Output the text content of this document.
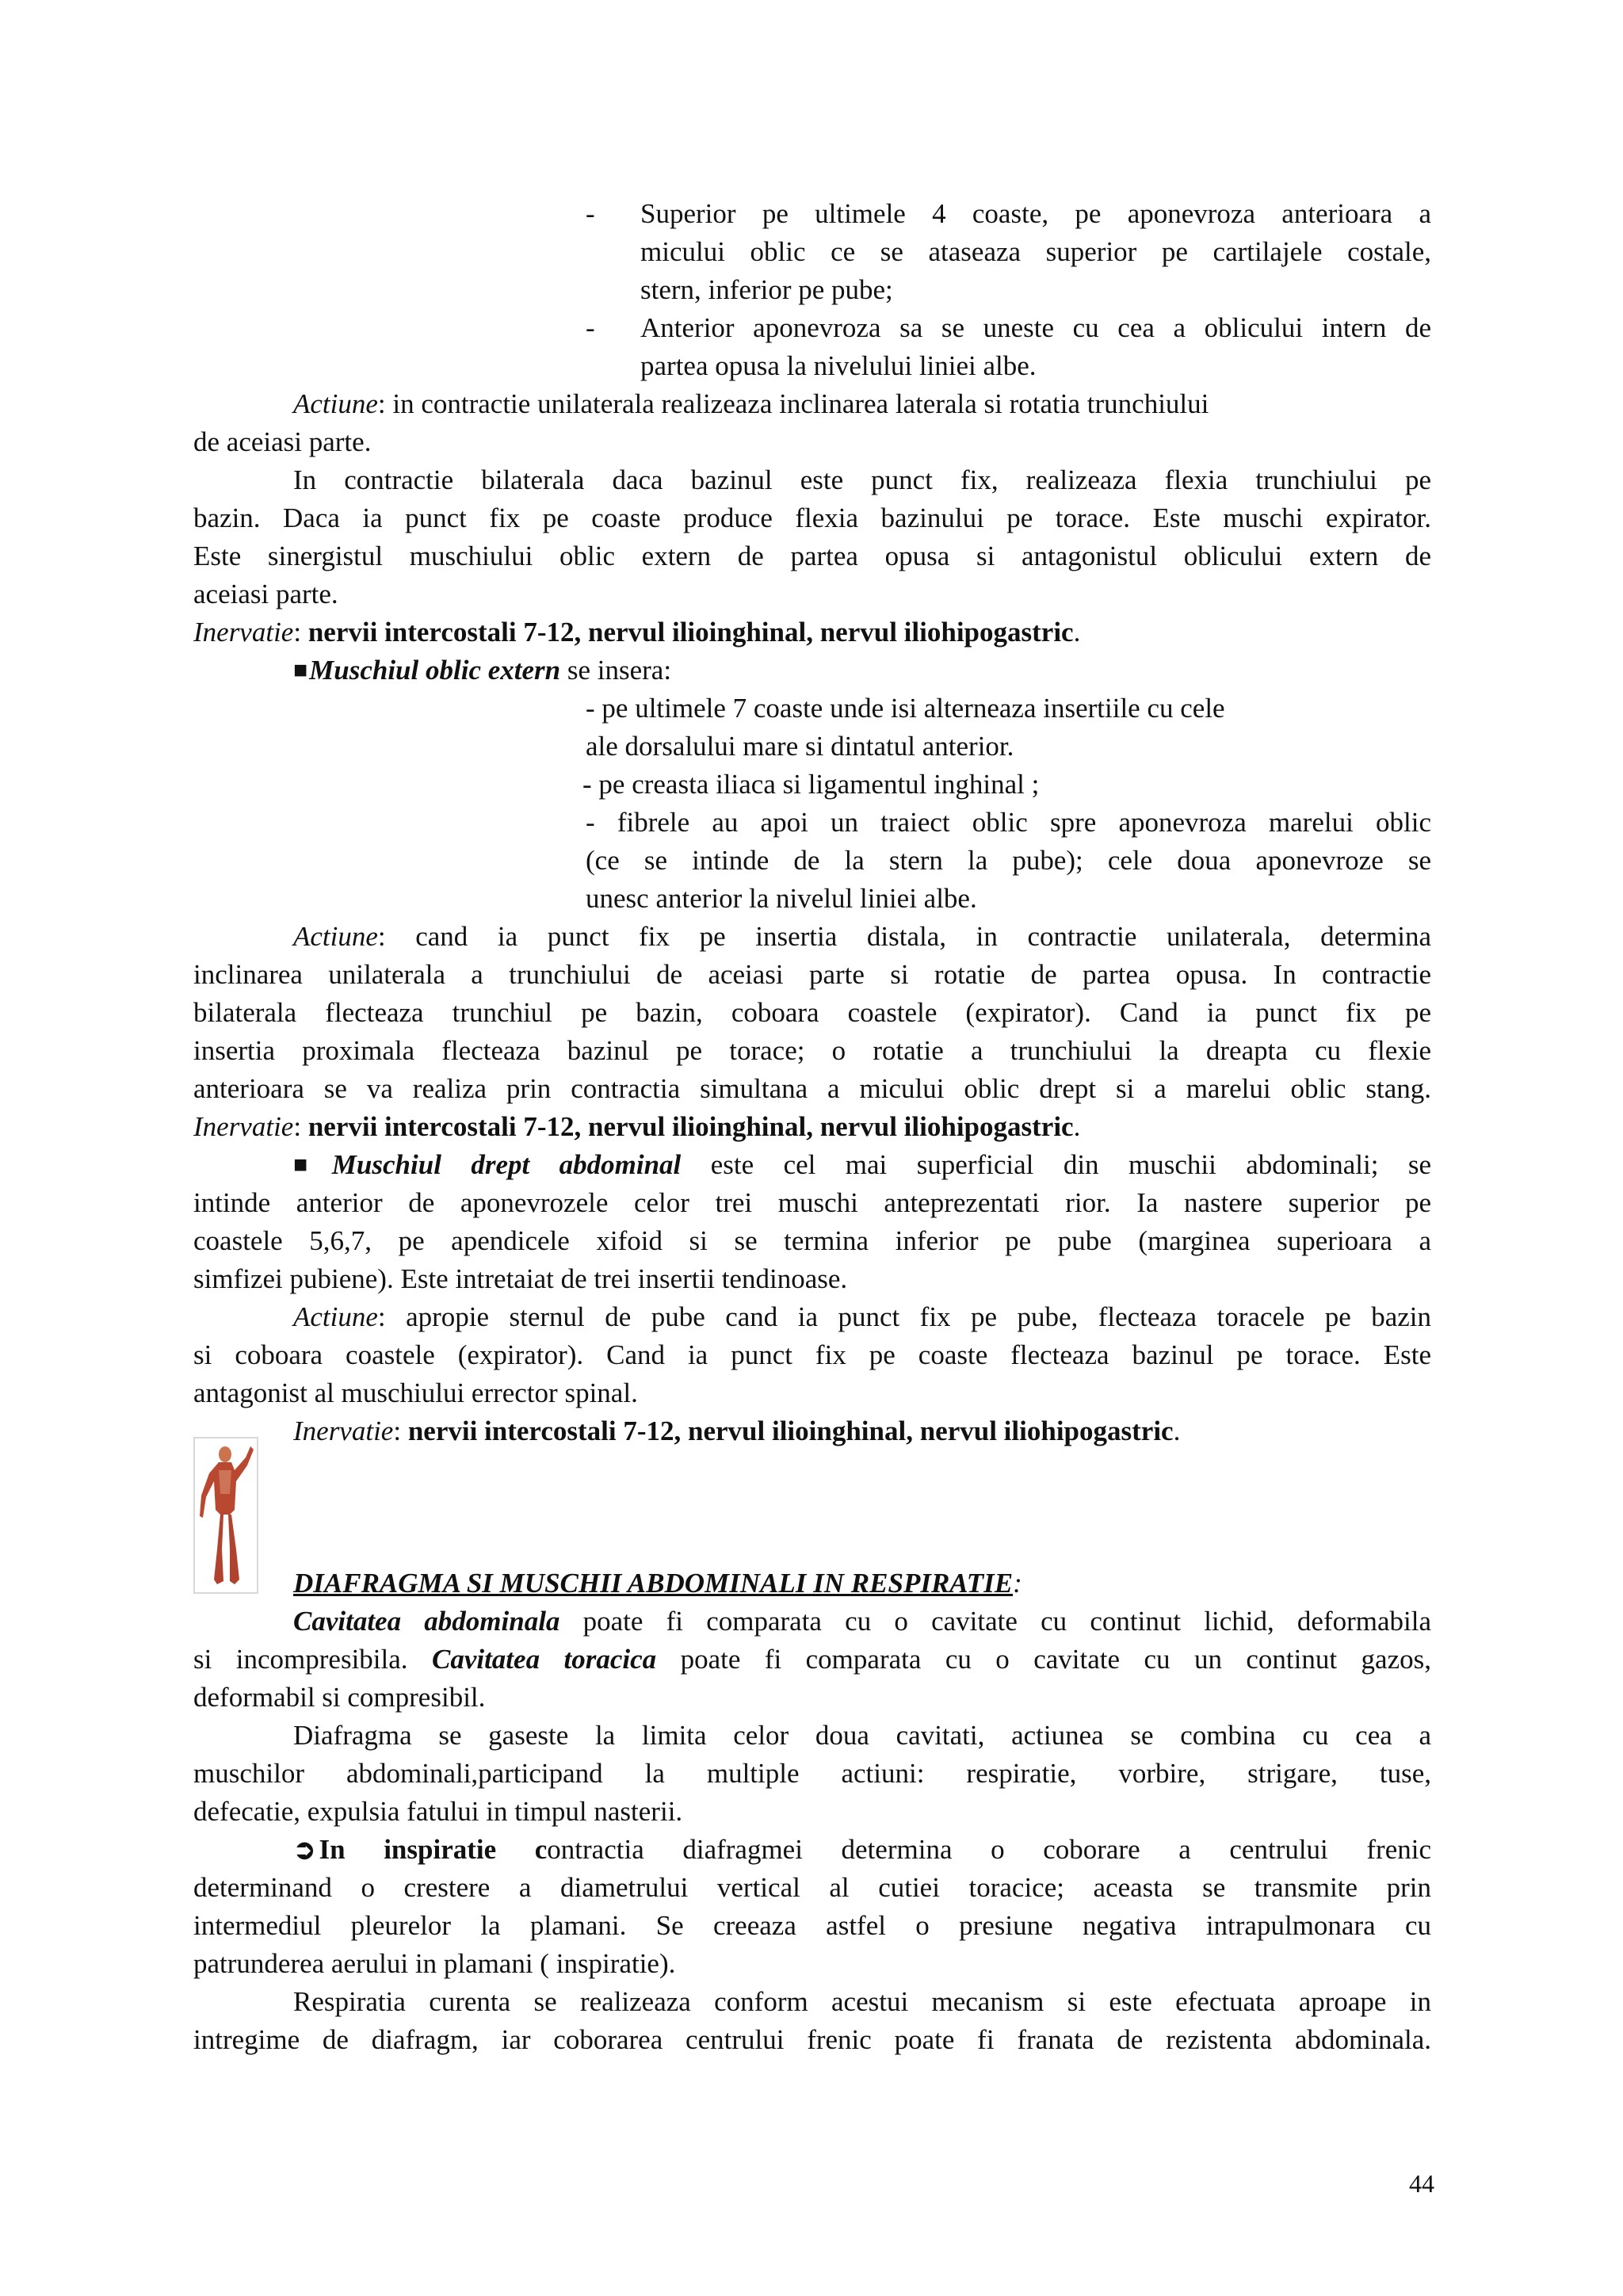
- Superior pe ultimele 4 coaste, pe aponevroza anterioara a
micului oblic ce se ataseaza superior pe cartilajele costale,
stern, inferior pe pube;
- Anterior aponevroza sa se uneste cu cea a oblicului intern de
partea opusa la nivelului liniei albe.
Actiune: in contractie unilaterala realizeaza inclinarea laterala si rotatia trunchiului
de aceiasi parte.
In contractie bilaterala daca bazinul este punct fix, realizeaza flexia trunchiului pe
bazin. Daca ia punct fix pe coaste produce flexia bazinului pe torace. Este muschi expirator.
Este sinergistul muschiului oblic extern de partea opusa si antagonistul oblicului extern de
aceiasi parte.
Inervatie: nervii intercostali 7-12, nervul ilioinghinal, nervul iliohipogastric.
■Muschiul oblic extern se insera:
- pe ultimele 7 coaste unde isi alterneaza insertiile cu cele
ale dorsalului mare si dintatul anterior.
- pe creasta iliaca si ligamentul inghinal ;
- fibrele au apoi un traiect oblic spre aponevroza marelui oblic
(ce se intinde de la stern la pube); cele doua aponevroze se
unesc anterior la nivelul liniei albe.
Actiune: cand ia punct fix pe insertia distala, in contractie unilaterala, determina
inclinarea unilaterala a trunchiului de aceiasi parte si rotatie de partea opusa. In contractie
bilaterala flecteaza trunchiul pe bazin, coboara coastele (expirator). Cand ia punct fix pe
insertia proximala flecteaza bazinul pe torace; o rotatie a trunchiului la dreapta cu flexie
anterioara se va realiza prin contractia simultana a micului oblic drept si a marelui oblic stang.
Inervatie: nervii intercostali 7-12, nervul ilioinghinal, nervul iliohipogastric.
■Muschiul drept abdominal este cel mai superficial din muschii abdominali; se
intinde anterior de aponevrozele celor trei muschi anteprezentati rior. Ia nastere superior pe
coastele 5,6,7, pe apendicele xifoid si se termina inferior pe pube (marginea superioara a
simfizei pubiene). Este intretaiat de trei insertii tendinoase.
Actiune: apropie sternul de pube cand ia punct fix pe pube, flecteaza toracele pe bazin
si coboara coastele (expirator). Cand ia punct fix pe coaste flecteaza bazinul pe torace. Este
antagonist al muschiului errector spinal.
Inervatie: nervii intercostali 7-12, nervul ilioinghinal, nervul iliohipogastric.
DIAFRAGMA SI MUSCHII ABDOMINALI IN RESPIRATIE:
Cavitatea abdominala poate fi comparata cu o cavitate cu continut lichid, deformabila
si incompresibila. Cavitatea toracica poate fi comparata cu o cavitate cu un continut gazos,
deformabil si compresibil.
Diafragma se gaseste la limita celor doua cavitati, actiunea se combina cu cea a
muschilor abdominali,participand la multiple actiuni: respiratie, vorbire, strigare, tuse,
defecatie, expulsia fatului in timpul nasterii.
➲ In inspiratie contractia diafragmei determina o coborare a centrului frenic
determinand o crestere a diametrului vertical al cutiei toracice; aceasta se transmite prin
intermediul pleurelor la plamani. Se creeaza astfel o presiune negativa intrapulmonara cu
patrunderea aerului in plamani ( inspiratie).
Respiratia curenta se realizeaza conform acestui mecanism si este efectuata aproape in
intregime de diafragm, iar coborarea centrului frenic poate fi franata de rezistenta abdominala.
44
